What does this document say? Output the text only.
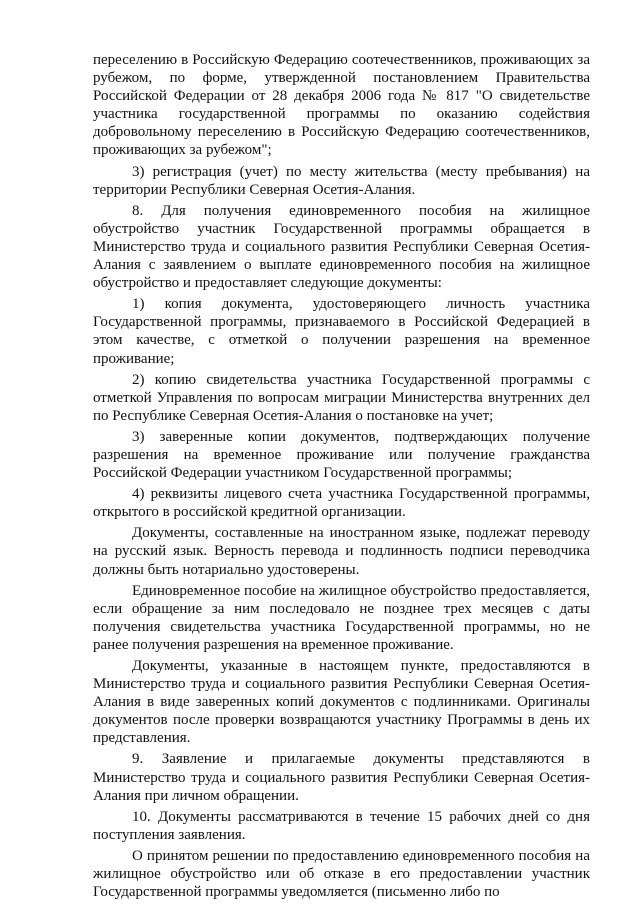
переселению в Российскую Федерацию соотечественников, проживающих за рубежом, по форме, утвержденной постановлением Правительства Российской Федерации от 28 декабря 2006 года № 817 "О свидетельстве участника государственной программы по оказанию содействия добровольному переселению в Российскую Федерацию соотечественников, проживающих за рубежом";

3) регистрация (учет) по месту жительства (месту пребывания) на территории Республики Северная Осетия-Алания.

8. Для получения единовременного пособия на жилищное обустройство участник Государственной программы обращается в Министерство труда и социального развития Республики Северная Осетия-Алания с заявлением о выплате единовременного пособия на жилищное обустройство и предоставляет следующие документы:

1) копия документа, удостоверяющего личность участника Государственной программы, признаваемого в Российской Федерацией в этом качестве, с отметкой о получении разрешения на временное проживание;

2) копию свидетельства участника Государственной программы с отметкой Управления по вопросам миграции Министерства внутренних дел по Республике Северная Осетия-Алания о постановке на учет;

3) заверенные копии документов, подтверждающих получение разрешения на временное проживание или получение гражданства Российской Федерации участником Государственной программы;

4) реквизиты лицевого счета участника Государственной программы, открытого в российской кредитной организации.

Документы, составленные на иностранном языке, подлежат переводу на русский язык. Верность перевода и подлинность подписи переводчика должны быть нотариально удостоверены.

Единовременное пособие на жилищное обустройство предоставляется, если обращение за ним последовало не позднее трех месяцев с даты получения свидетельства участника Государственной программы, но не ранее получения разрешения на временное проживание.

Документы, указанные в настоящем пункте, предоставляются в Министерство труда и социального развития Республики Северная Осетия-Алания в виде заверенных копий документов с подлинниками. Оригиналы документов после проверки возвращаются участнику Программы в день их представления.

9. Заявление и прилагаемые документы представляются в Министерство труда и социального развития Республики Северная Осетия-Алания при личном обращении.

10. Документы рассматриваются в течение 15 рабочих дней со дня поступления заявления.

О принятом решении по предоставлению единовременного пособия на жилищное обустройство или об отказе в его предоставлении участник Государственной программы уведомляется (письменно либо по
